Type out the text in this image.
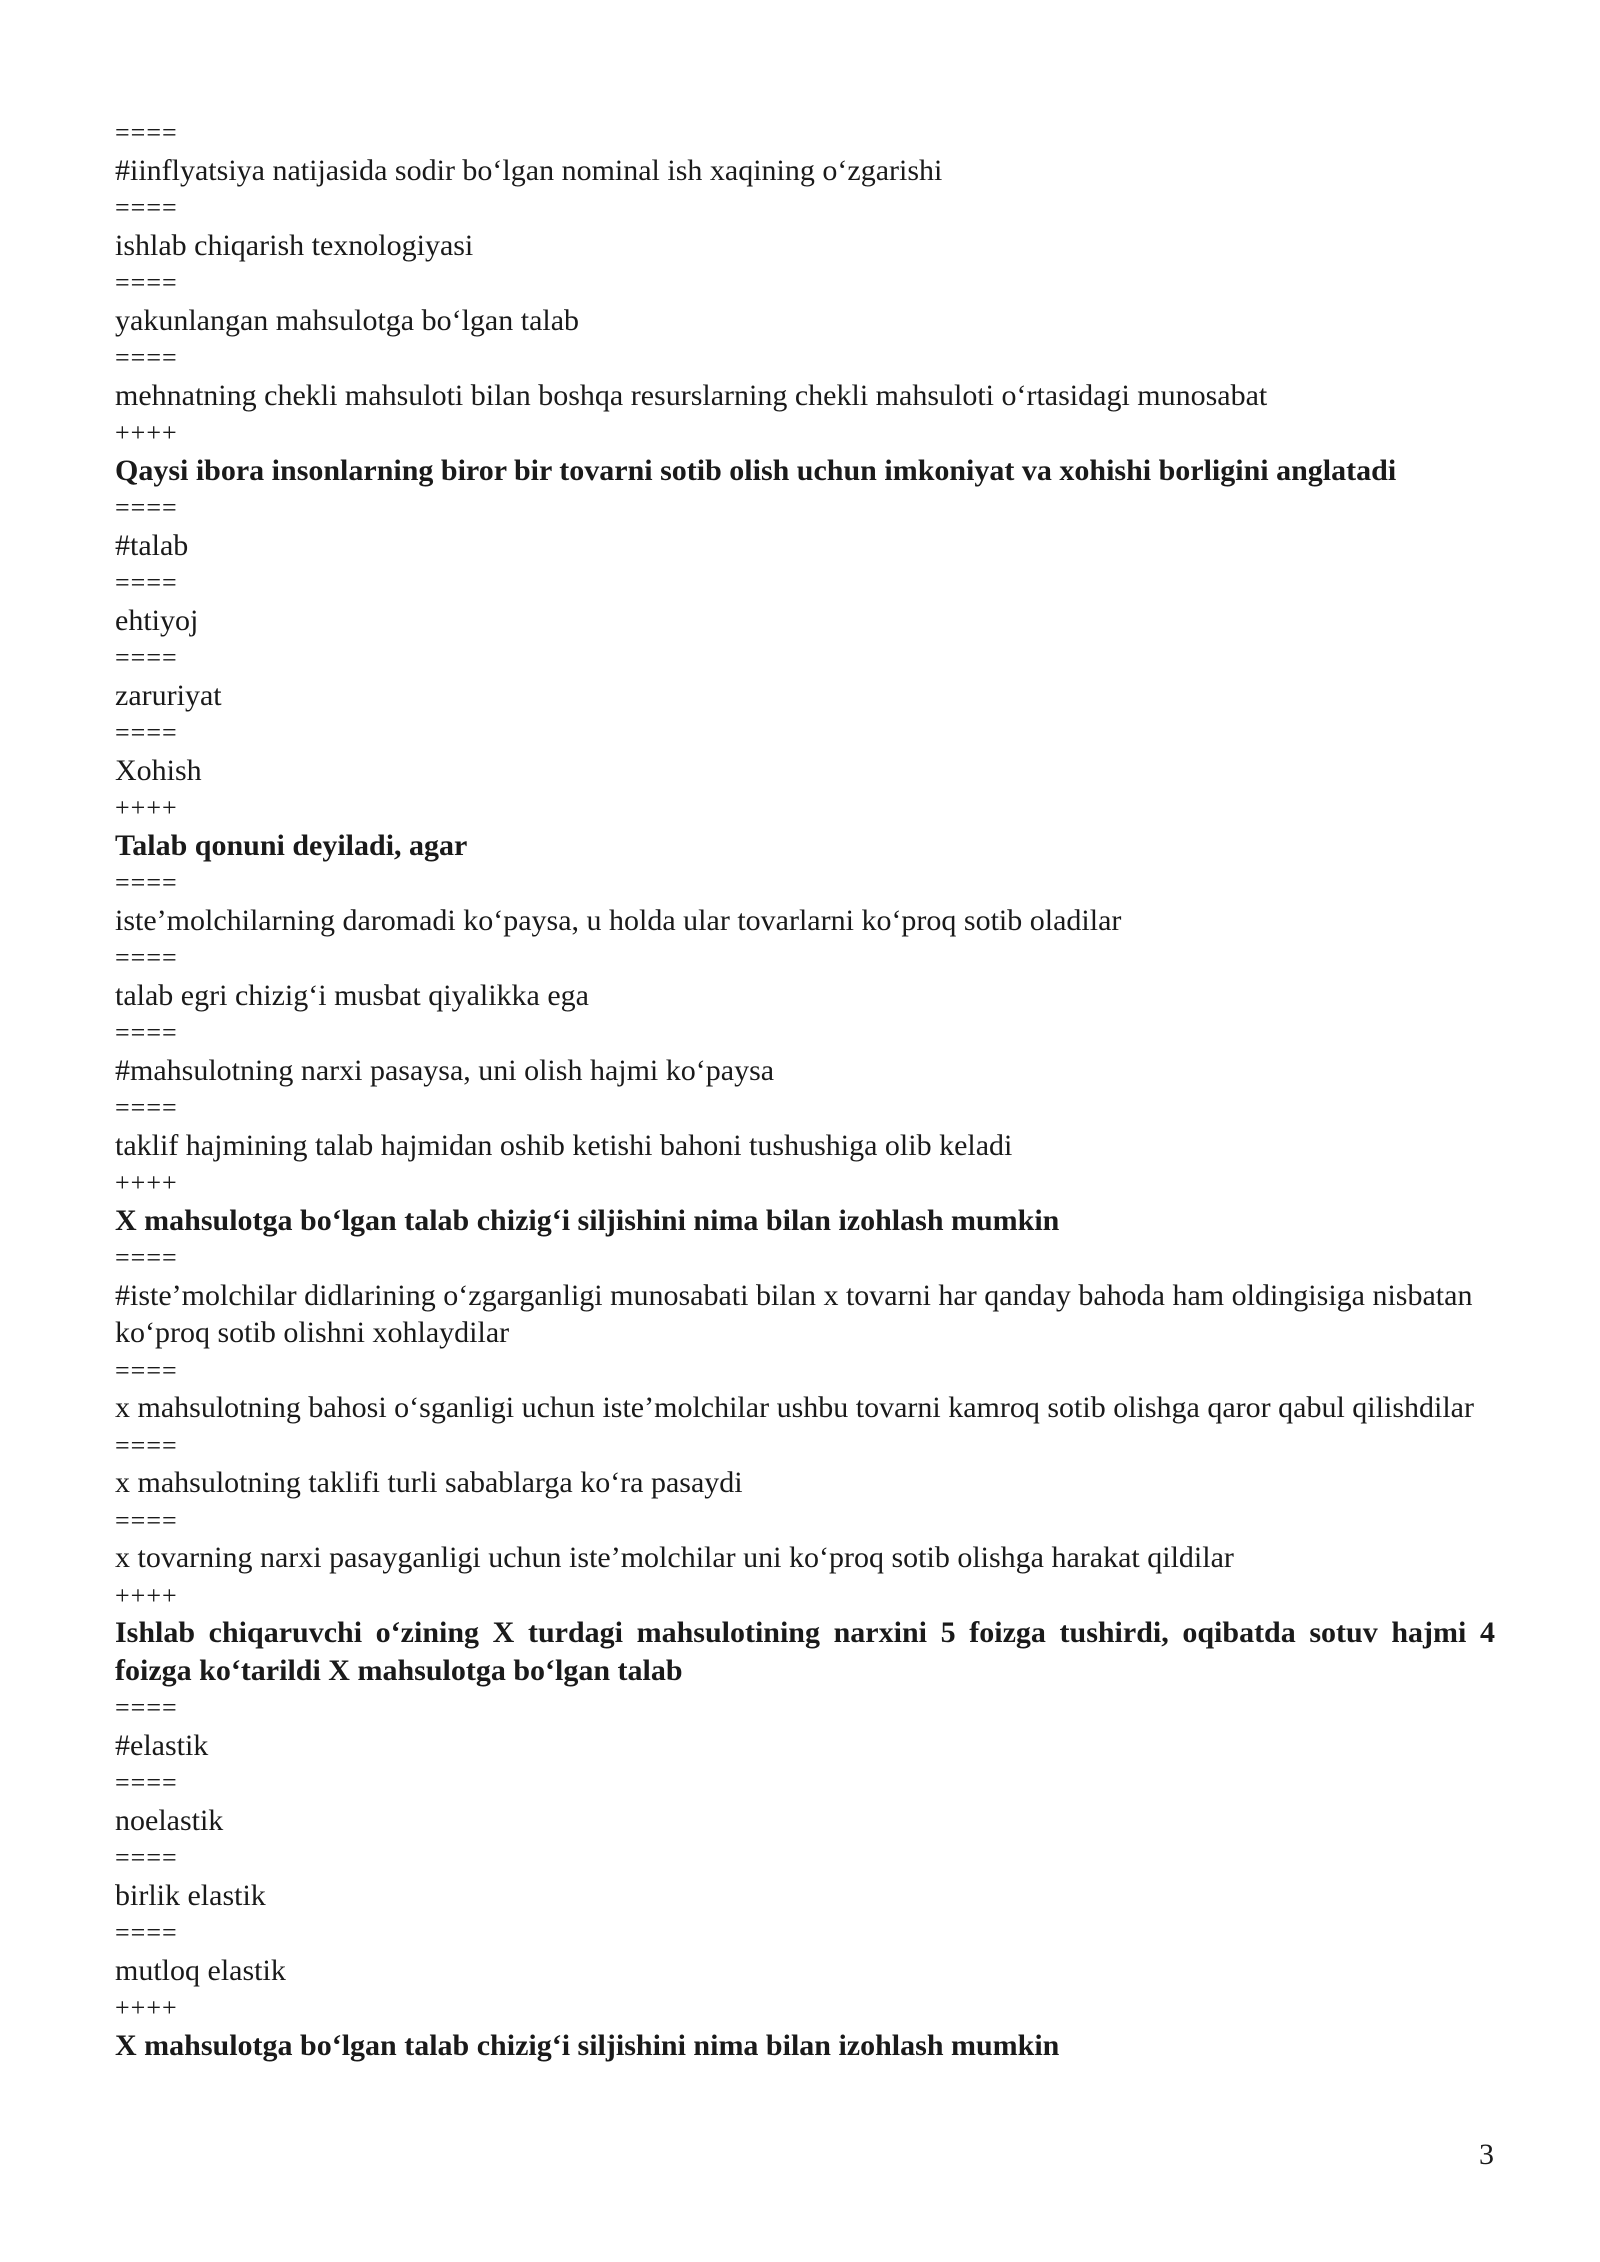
====

#iinflyatsiya natijasida sodir bo‘lgan nominal ish xaqining o‘zgarishi

====

ishlab chiqarish texnologiyasi

====

yakunlangan mahsulotga bo‘lgan talab

====

mehnatning chekli mahsuloti bilan boshqa resurslarning chekli mahsuloti o‘rtasidagi munosabat

++++

Qaysi ibora insonlarning biror bir tovarni sotib olish uchun imkoniyat va xohishi borligini anglatadi

====

#talab

====

ehtiyoj

====

zaruriyat

====

Xohish

++++

Talab qonuni deyiladi, agar

====

iste’molchilarning daromadi ko‘paysa, u holda ular tovarlarni ko‘proq sotib oladilar

====

talab egri chizig‘i musbat qiyalikka ega

====

#mahsulotning narxi pasaysa, uni olish hajmi ko‘paysa

====

taklif hajmining talab hajmidan oshib ketishi bahoni tushushiga olib keladi

++++

X mahsulotga bo‘lgan talab chizig‘i siljishini nima bilan izohlash mumkin

====

#iste’molchilar didlarining o‘zgarganligi munosabati bilan x tovarni har qanday bahoda ham oldingisiga nisbatan ko‘proq sotib olishni xohlaydilar

====

x mahsulotning bahosi o‘sganligi uchun iste’molchilar ushbu tovarni kamroq sotib olishga qaror qabul qilishdilar

====

x mahsulotning taklifi turli sabablarga ko‘ra pasaydi

====

x tovarning narxi pasayganligi uchun iste’molchilar uni ko‘proq sotib olishga harakat qildilar

++++

Ishlab chiqaruvchi o‘zining X turdagi mahsulotining narxini 5 foizga tushirdi, oqibatda sotuv hajmi 4 foizga ko‘tarildi X mahsulotga bo‘lgan talab

====

#elastik

====

noelastik

====

birlik elastik

====

mutloq elastik

++++

X mahsulotga bo‘lgan talab chizig‘i siljishini nima bilan izohlash mumkin

3
